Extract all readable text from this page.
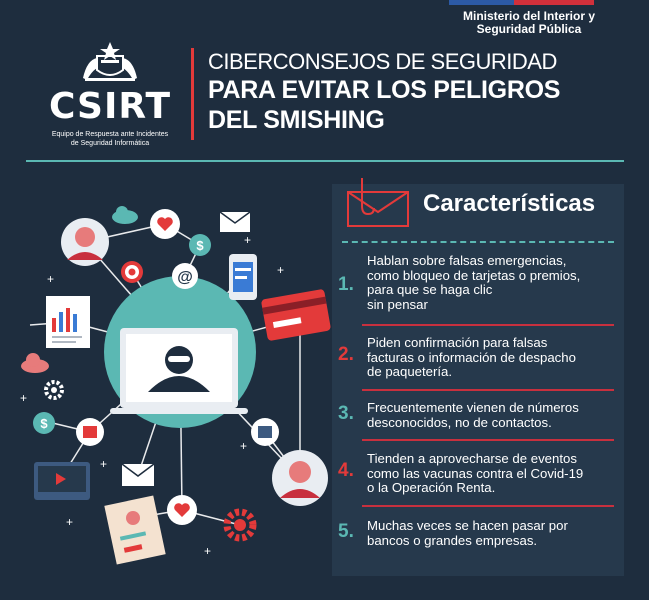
Ministerio del Interior y
Seguridad Pública
CSIRT
Equipo de Respuesta ante Incidentes
de Seguridad Informática
CIBERCONSEJOS DE SEGURIDAD
PARA EVITAR LOS PELIGROS
DEL SMISHING
$
$
@	+
+
+
+
+
+
+
+
Características
1.
Hablan sobre falsas emergencias,
como bloqueo de tarjetas o premios,
para que se haga clic
sin pensar
2.
Piden confirmación para falsas
facturas o información de despacho
de paquetería.
3. Frecuentemente vienen de números
desconocidos, no de contactos.
4.
Tienden a aprovecharse de eventos
como las vacunas contra el Covid-19
o la Operación Renta.
5. Muchas veces se hacen pasar por
bancos o grandes empresas.
